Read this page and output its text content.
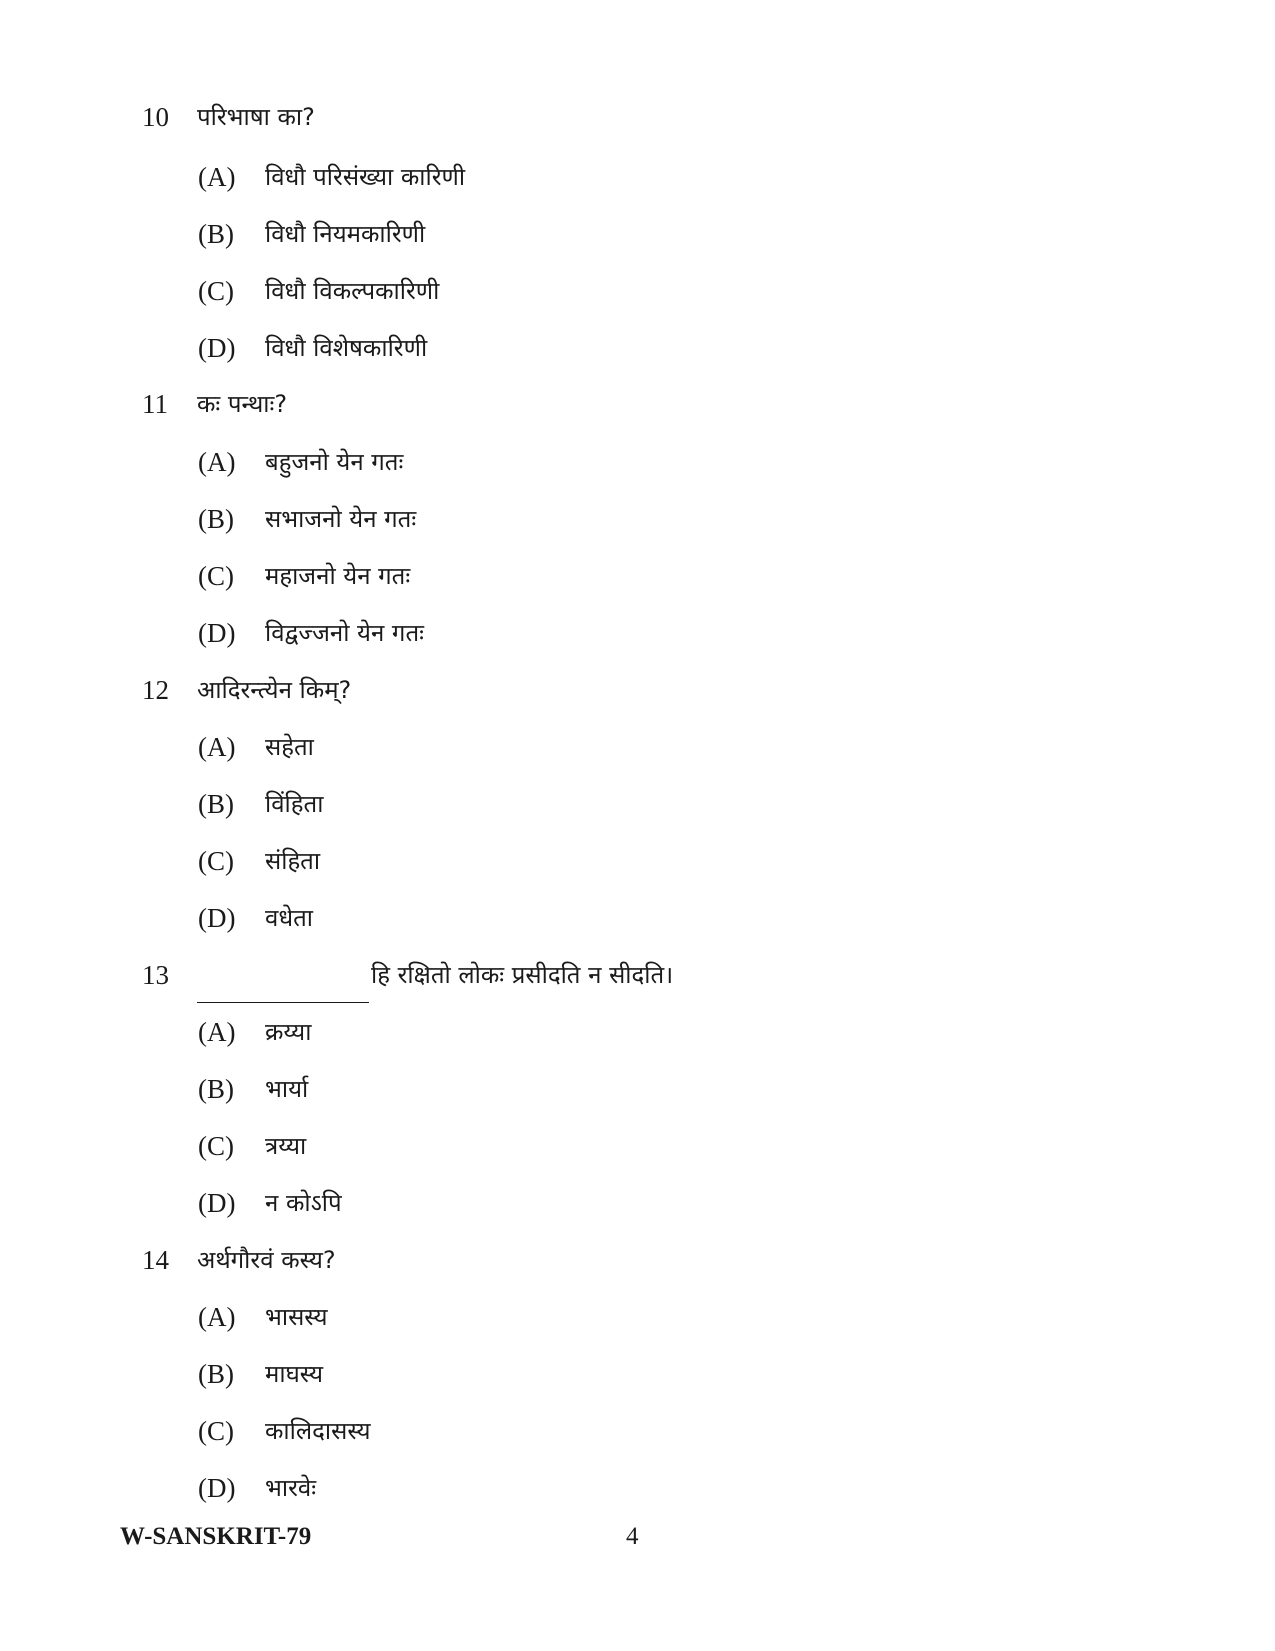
10 परिभाषा का?
(A) विधौ परिसंख्या कारिणी
(B) विधौ नियमकारिणी
(C) विधौ विकल्पकारिणी
(D) विधौ विशेषकारिणी
11 कः पन्थाः?
(A) बहुजनो येन गतः
(B) सभाजनो येन गतः
(C) महाजनो येन गतः
(D) विद्वज्जनो येन गतः
12 आदिरन्त्येन किम्?
(A) सहेता
(B) विंहिता
(C) संहिता
(D) वधेता
13	हि रक्षितो लोकः प्रसीदति न सीदति।
(A) क्रय्या
(B) भार्या
(C) त्रय्या
(D) न कोऽपि
14 अर्थगौरवं कस्य?
(A) भासस्य
(B) माघस्य
(C) कालिदासस्य
(D) भारवेः
W-SANSKRIT-79	4
